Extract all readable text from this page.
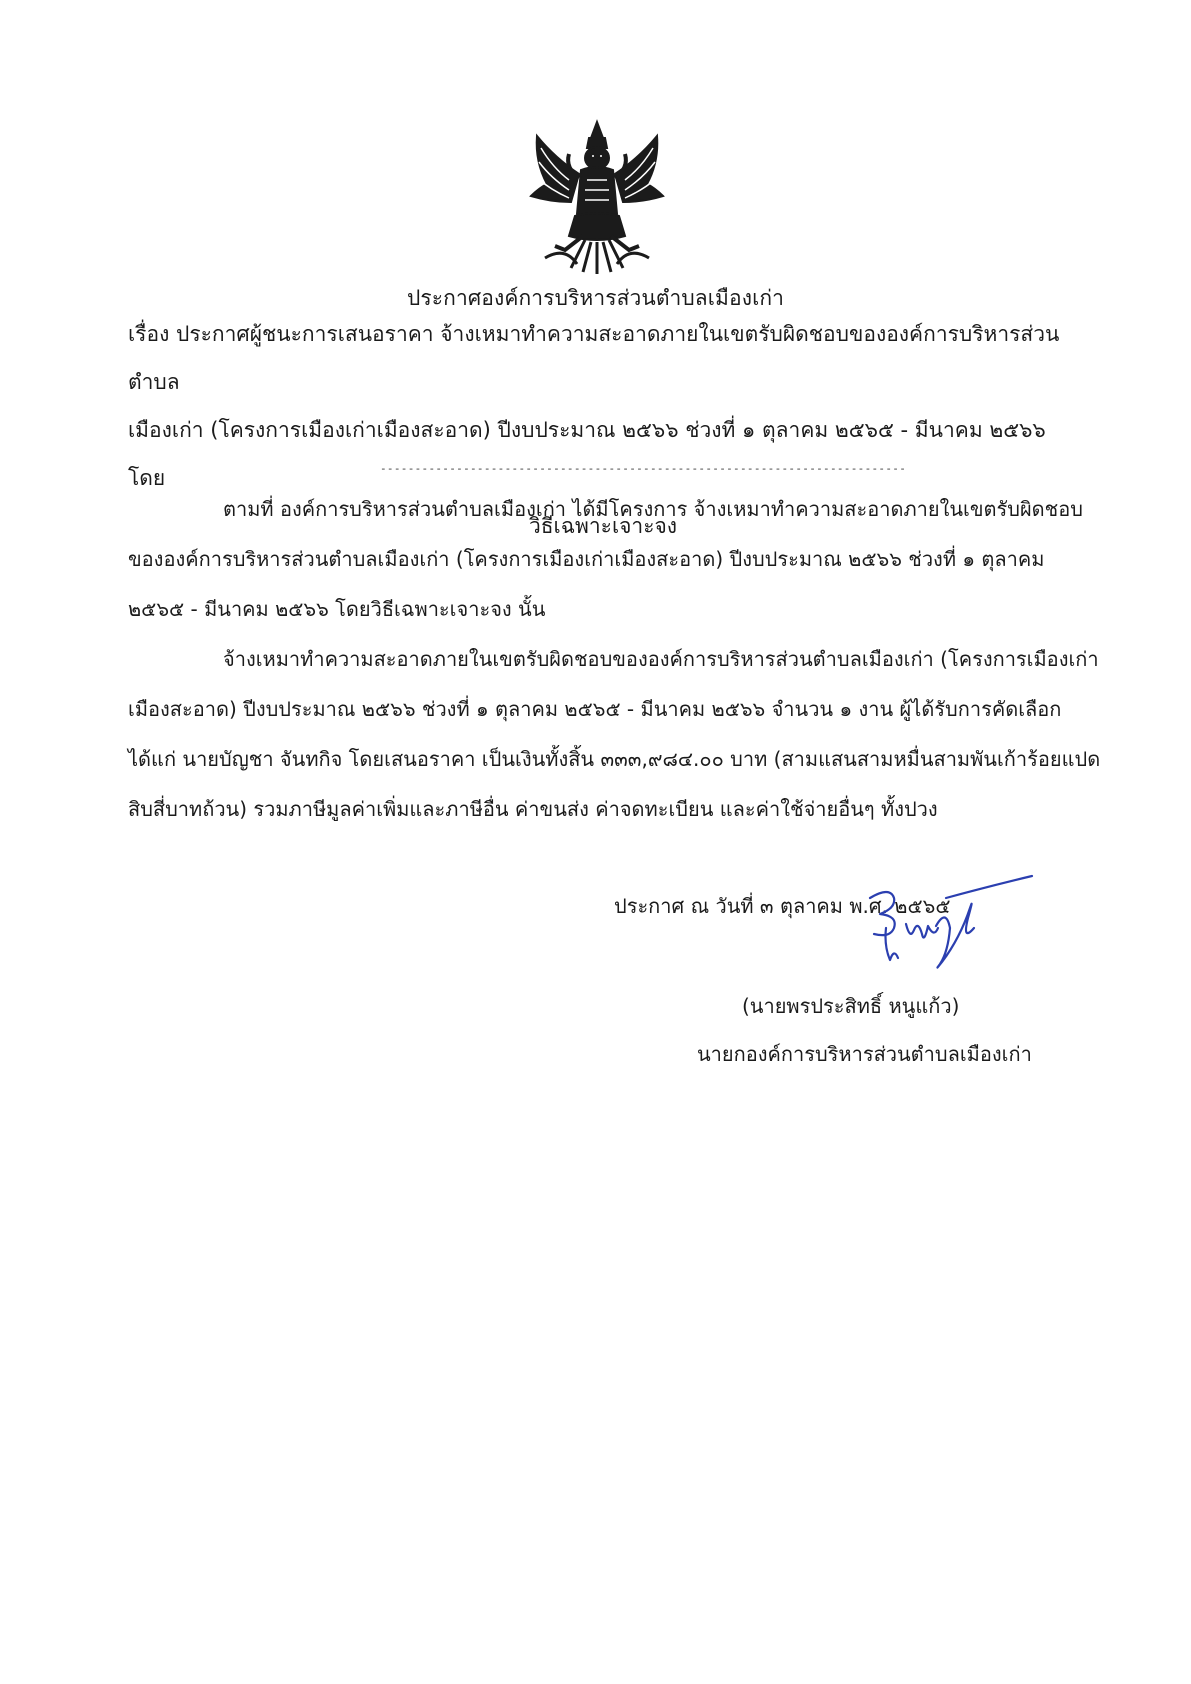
ประกาศองค์การบริหารส่วนตำบลเมืองเก่า
เรื่อง ประกาศผู้ชนะการเสนอราคา จ้างเหมาทำความสะอาดภายในเขตรับผิดชอบขององค์การบริหารส่วนตำบล
เมืองเก่า (โครงการเมืองเก่าเมืองสะอาด) ปีงบประมาณ ๒๕๖๖ ช่วงที่ ๑ ตุลาคม ๒๕๖๕ - มีนาคม ๒๕๖๖ โดย
วิธีเฉพาะเจาะจง
----------------------------------------------------------------------------
ตามที่ องค์การบริหารส่วนตำบลเมืองเก่า ได้มีโครงการ จ้างเหมาทำความสะอาดภายในเขตรับผิดชอบ
ขององค์การบริหารส่วนตำบลเมืองเก่า (โครงการเมืองเก่าเมืองสะอาด) ปีงบประมาณ ๒๕๖๖ ช่วงที่ ๑ ตุลาคม
๒๕๖๕ - มีนาคม ๒๕๖๖ โดยวิธีเฉพาะเจาะจง นั้น
จ้างเหมาทำความสะอาดภายในเขตรับผิดชอบขององค์การบริหารส่วนตำบลเมืองเก่า (โครงการเมืองเก่า
เมืองสะอาด) ปีงบประมาณ ๒๕๖๖ ช่วงที่ ๑ ตุลาคม ๒๕๖๕ - มีนาคม ๒๕๖๖ จำนวน ๑ งาน ผู้ได้รับการคัดเลือก
ได้แก่ นายบัญชา จันทกิจ โดยเสนอราคา เป็นเงินทั้งสิ้น ๓๓๓,๙๘๔.๐๐ บาท (สามแสนสามหมื่นสามพันเก้าร้อยแปด
สิบสี่บาทถ้วน) รวมภาษีมูลค่าเพิ่มและภาษีอื่น ค่าขนส่ง ค่าจดทะเบียน และค่าใช้จ่ายอื่นๆ ทั้งปวง
ประกาศ ณ วันที่ ๓ ตุลาคม พ.ศ. ๒๕๖๕
(นายพรประสิทธิ์ หนูแก้ว)
นายกองค์การบริหารส่วนตำบลเมืองเก่า
